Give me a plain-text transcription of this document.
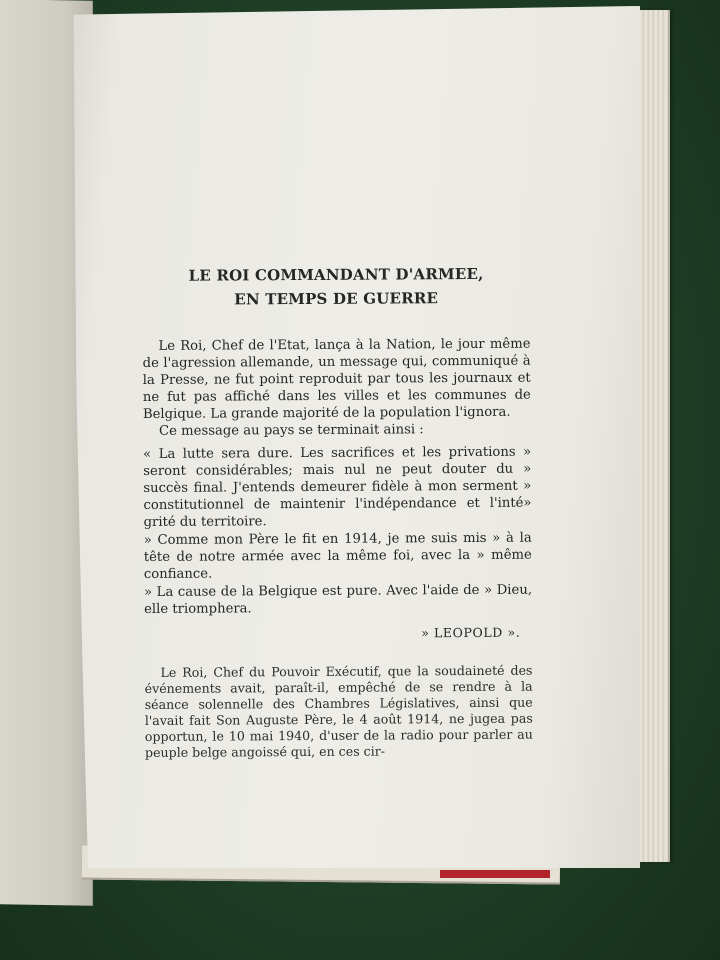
LE ROI COMMANDANT D'ARMEE,
EN TEMPS DE GUERRE

Le Roi, Chef de l'Etat, lança à la Nation, le jour même de l'agression allemande, un message qui, communiqué à la Presse, ne fut point reproduit par tous les journaux et ne fut pas affiché dans les villes et les communes de Belgique. La grande majorité de la population l'ignora.

Ce message au pays se terminait ainsi :

« La lutte sera dure. Les sacrifices et les privations » seront considérables; mais nul ne peut douter du » succès final. J'entends demeurer fidèle à mon serment » constitutionnel de maintenir l'indépendance et l'inté» grité du territoire.

» Comme mon Père le fit en 1914, je me suis mis » à la tête de notre armée avec la même foi, avec la » même confiance.

» La cause de la Belgique est pure. Avec l'aide de » Dieu, elle triomphera.

» LEOPOLD ».

Le Roi, Chef du Pouvoir Exécutif, que la soudaineté des événements avait, paraît-il, empêché de se rendre à la séance solennelle des Chambres Législatives, ainsi que l'avait fait Son Auguste Père, le 4 août 1914, ne jugea pas opportun, le 10 mai 1940, d'user de la radio pour parler au peuple belge angoissé qui, en ces cir-
